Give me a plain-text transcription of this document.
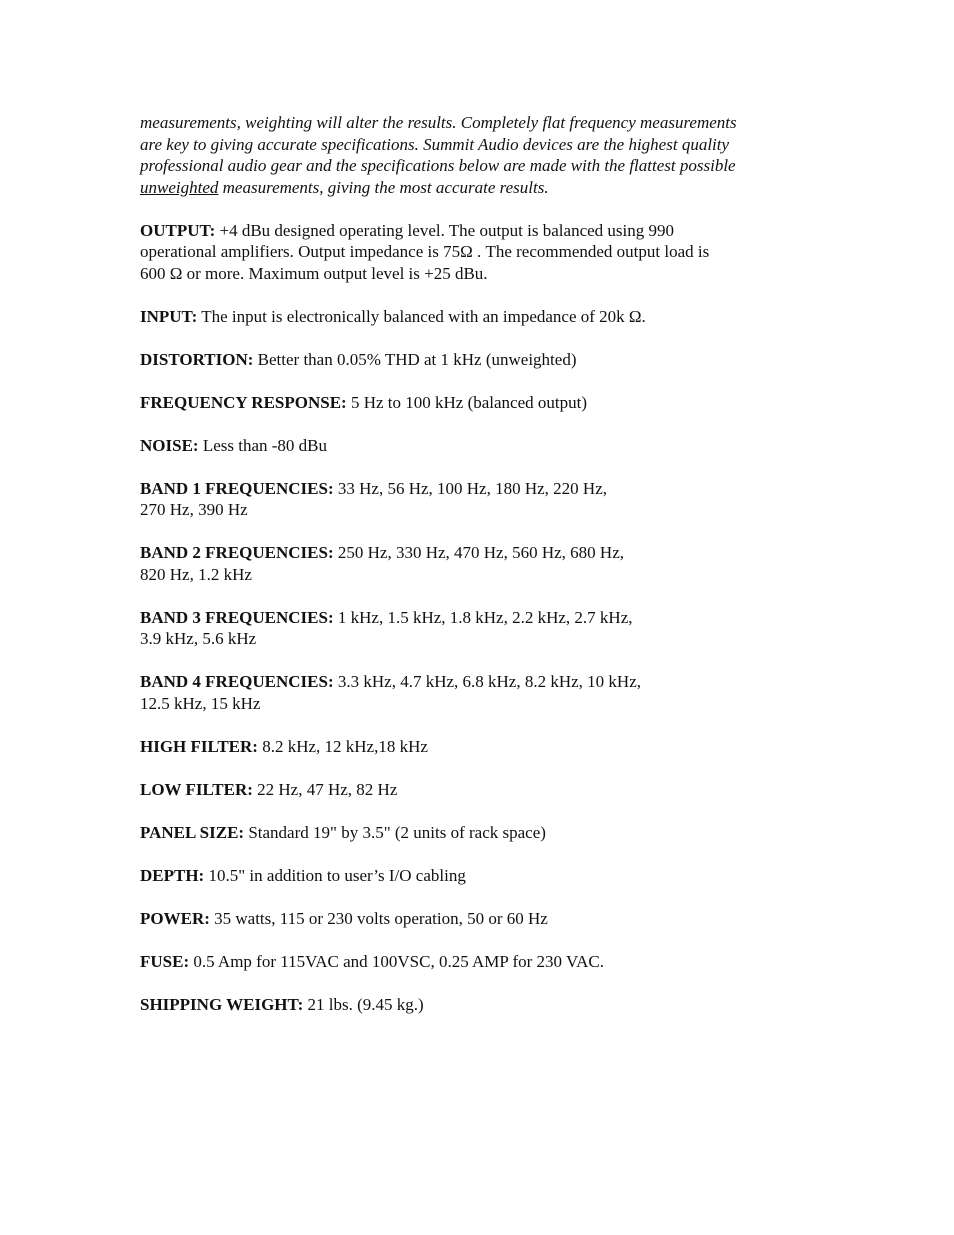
measurements, weighting will alter the results. Completely flat frequency measurements
are key to giving accurate specifications. Summit Audio devices are the highest quality
professional audio gear and the specifications below are made with the flattest possible
unweighted measurements, giving the most accurate results.

OUTPUT: +4 dBu designed operating level. The output is balanced using 990
operational amplifiers. Output impedance is 75Ω . The recommended output load is
600 Ω or more. Maximum output level is +25 dBu.

INPUT: The input is electronically balanced with an impedance of 20k Ω.

DISTORTION: Better than 0.05% THD at 1 kHz (unweighted)

FREQUENCY RESPONSE: 5 Hz to 100 kHz (balanced output)

NOISE: Less than -80 dBu

BAND 1 FREQUENCIES: 33 Hz, 56 Hz, 100 Hz, 180 Hz, 220 Hz,
270 Hz, 390 Hz

BAND 2 FREQUENCIES: 250 Hz, 330 Hz, 470 Hz, 560 Hz, 680 Hz,
820 Hz, 1.2 kHz

BAND 3 FREQUENCIES: 1 kHz, 1.5 kHz, 1.8 kHz, 2.2 kHz, 2.7 kHz,
3.9 kHz, 5.6 kHz

BAND 4 FREQUENCIES: 3.3 kHz, 4.7 kHz, 6.8 kHz, 8.2 kHz, 10 kHz,
12.5 kHz, 15 kHz

HIGH FILTER: 8.2 kHz, 12 kHz,18 kHz

LOW FILTER: 22 Hz, 47 Hz, 82 Hz

PANEL SIZE: Standard 19" by 3.5" (2 units of rack space)

DEPTH: 10.5" in addition to user’s I/O cabling

POWER: 35 watts, 115 or 230 volts operation, 50 or 60 Hz

FUSE: 0.5 Amp for 115VAC and 100VSC, 0.25 AMP for 230 VAC.

SHIPPING WEIGHT: 21 lbs. (9.45 kg.)
